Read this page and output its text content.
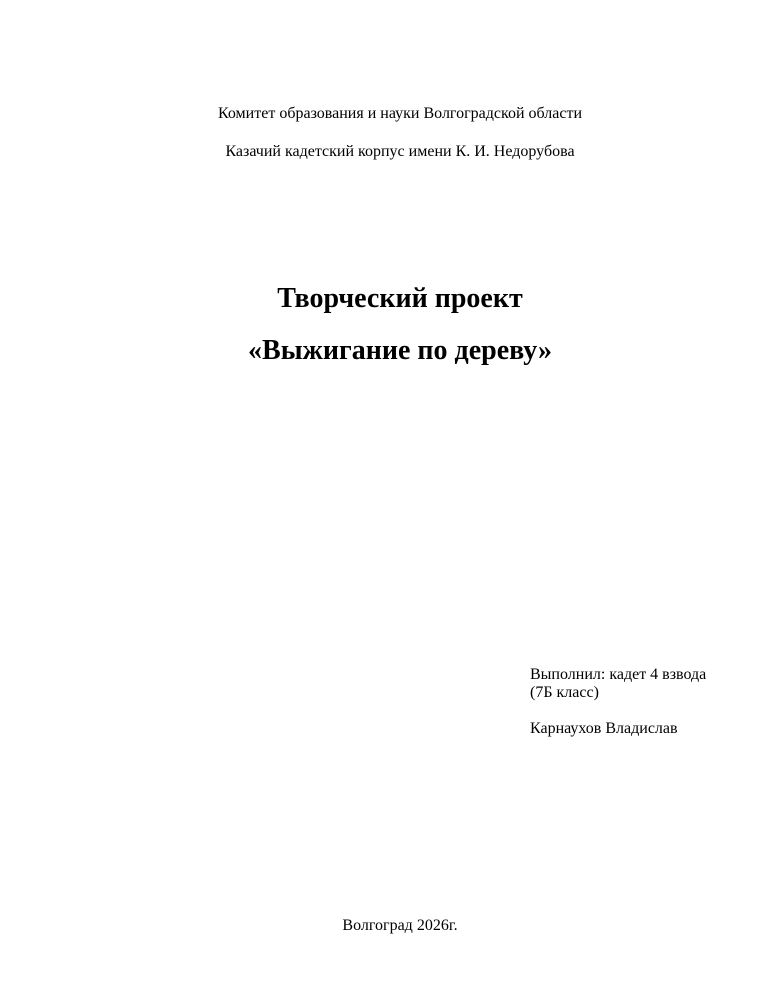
Комитет образования и науки Волгоградской области
Казачий кадетский корпус имени К. И. Недорубова
Творческий проект
«Выжигание по дереву»
Выполнил: кадет 4 взвода
(7Б класс)
Карнаухов Владислав
Волгоград 2026г.
